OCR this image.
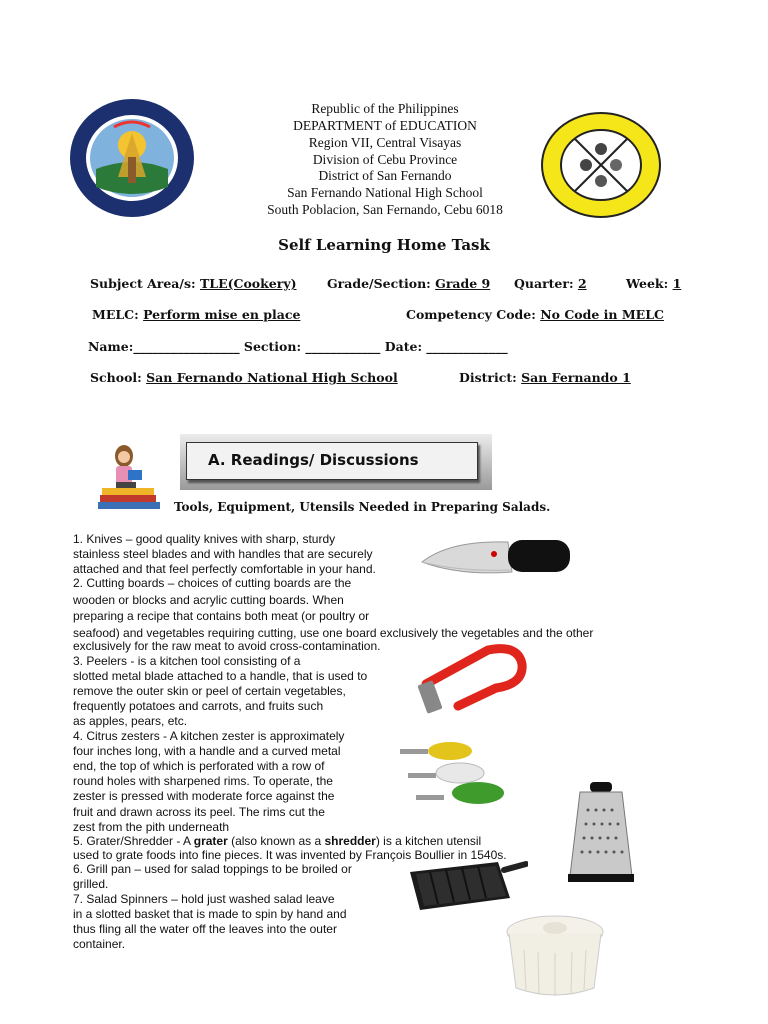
Republic of the Philippines
DEPARTMENT of EDUCATION
Region VII, Central Visayas
Division of Cebu Province
District of San Fernando
San Fernando National High School
South Poblacion, San Fernando, Cebu 6018
Self Learning Home Task
Subject Area/s: TLE(Cookery) Grade/Section: Grade 9 Quarter: 2	Week: 1
MELC: Perform mise en place	Competency Code: No Code in MELC
Name:_________________ Section: ____________ Date: _____________
School: San Fernando National High School	District: San Fernando 1
A. Readings/ Discussions
Tools, Equipment, Utensils Needed in Preparing Salads.
1. Knives – good quality knives with sharp, sturdy
stainless steel blades and with handles that are securely
attached and that feel perfectly comfortable in your hand.
2. Cutting boards – choices of cutting boards are the
wooden or blocks and acrylic cutting boards. When
preparing a recipe that contains both meat (or poultry or
seafood) and vegetables requiring cutting, use one board exclusively the vegetables and the other
exclusively for the raw meat to avoid cross-contamination.
3. Peelers - is a kitchen tool consisting of a
slotted metal blade attached to a handle, that is used to
remove the outer skin or peel of certain vegetables,
frequently potatoes and carrots, and fruits such
as apples, pears, etc.
4. Citrus zesters - A kitchen zester is approximately
four inches long, with a handle and a curved metal
end, the top of which is perforated with a row of
round holes with sharpened rims. To operate, the
zester is pressed with moderate force against the
fruit and drawn across its peel. The rims cut the
zest from the pith underneath
5. Grater/Shredder - A grater (also known as a shredder) is a kitchen utensil
used to grate foods into fine pieces. It was invented by François Boullier in 1540s.
6. Grill pan – used for salad toppings to be broiled or
grilled.
7. Salad Spinners – hold just washed salad leave
in a slotted basket that is made to spin by hand and
thus fling all the water off the leaves into the outer
container.
